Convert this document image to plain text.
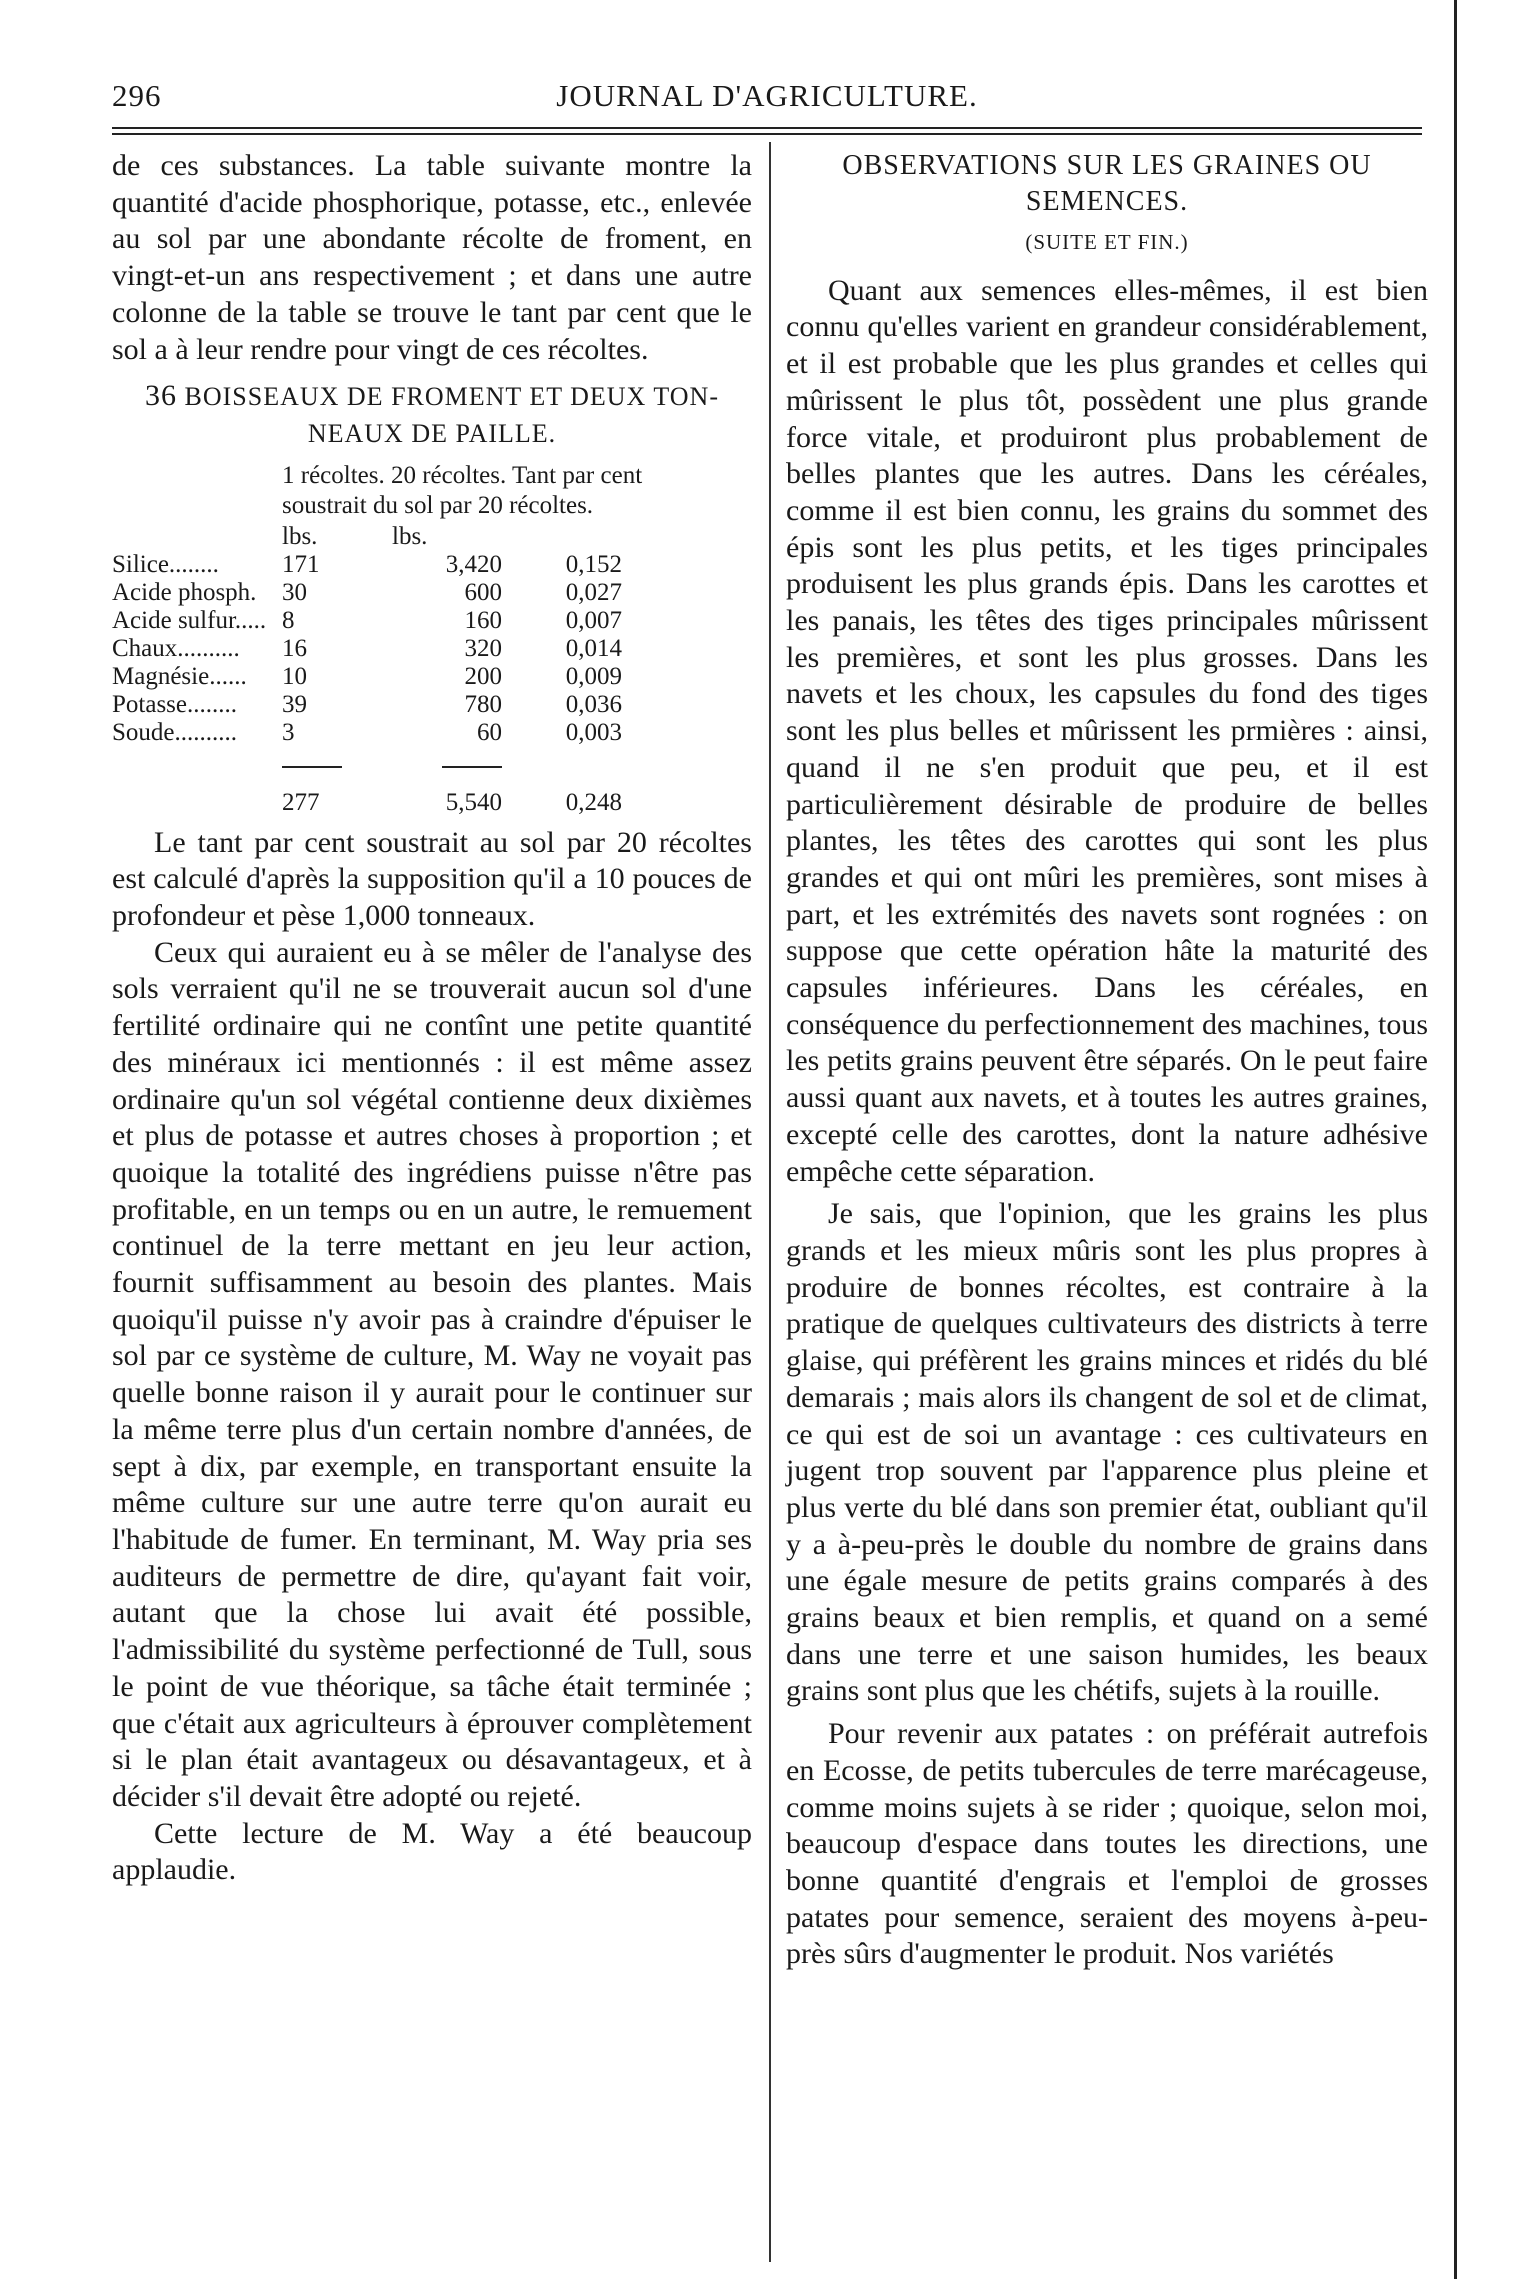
296	JOURNAL D'AGRICULTURE.

de ces substances. La table suivante montre la quantité d'acide phosphorique, potasse, etc., enlevée au sol par une abondante récolte de froment, en vingt-et-un ans respectivement ; et dans une autre colonne de la table se trouve le tant par cent que le sol a à leur rendre pour vingt de ces récoltes.

36 BOISSEAUX DE FROMENT ET DEUX TON-
NEAUX DE PAILLE.
1 récoltes. 20 récoltes. Tant par cent
soustrait du sol par 20 récoltes.
	lbs.	lbs.	
Silice........	171	3,420	0,152
Acide phosph.	30	600	0,027
Acide sulfur.....	8	160	0,007
Chaux..........	16	320	0,014
Magnésie......	10	200	0,009
Potasse........	39	780	0,036
Soude..........	3	60	0,003

	277	5,540	0,248

Le tant par cent soustrait au sol par 20 récoltes est calculé d'après la supposition qu'il a 10 pouces de profondeur et pèse 1,000 tonneaux.

Ceux qui auraient eu à se mêler de l'analyse des sols verraient qu'il ne se trouverait aucun sol d'une fertilité ordinaire qui ne contînt une petite quantité des minéraux ici mentionnés : il est même assez ordinaire qu'un sol végétal contienne deux dixièmes et plus de potasse et autres choses à proportion ; et quoique la totalité des ingrédiens puisse n'être pas profitable, en un temps ou en un autre, le remuement continuel de la terre mettant en jeu leur action, fournit suffisamment au besoin des plantes. Mais quoiqu'il puisse n'y avoir pas à craindre d'épuiser le sol par ce système de culture, M. Way ne voyait pas quelle bonne raison il y aurait pour le continuer sur la même terre plus d'un certain nombre d'années, de sept à dix, par exemple, en transportant ensuite la même culture sur une autre terre qu'on aurait eu l'habitude de fumer. En terminant, M. Way pria ses auditeurs de permettre de dire, qu'ayant fait voir, autant que la chose lui avait été possible, l'admissibilité du système perfectionné de Tull, sous le point de vue théorique, sa tâche était terminée ; que c'était aux agriculteurs à éprouver complètement si le plan était avantageux ou désavantageux, et à décider s'il devait être adopté ou rejeté.

Cette lecture de M. Way a été beaucoup applaudie.

OBSERVATIONS SUR LES GRAINES OU SEMENCES.
(SUITE ET FIN.)

Quant aux semences elles-mêmes, il est bien connu qu'elles varient en grandeur considérablement, et il est probable que les plus grandes et celles qui mûrissent le plus tôt, possèdent une plus grande force vitale, et produiront plus probablement de belles plantes que les autres. Dans les céréales, comme il est bien connu, les grains du sommet des épis sont les plus petits, et les tiges principales produisent les plus grands épis. Dans les carottes et les panais, les têtes des tiges principales mûrissent les premières, et sont les plus grosses. Dans les navets et les choux, les capsules du fond des tiges sont les plus belles et mûrissent les prmières : ainsi, quand il ne s'en produit que peu, et il est particulièrement désirable de produire de belles plantes, les têtes des carottes qui sont les plus grandes et qui ont mûri les premières, sont mises à part, et les extrémités des navets sont rognées : on suppose que cette opération hâte la maturité des capsules inférieures. Dans les céréales, en conséquence du perfectionnement des machines, tous les petits grains peuvent être séparés. On le peut faire aussi quant aux navets, et à toutes les autres graines, excepté celle des carottes, dont la nature adhésive empêche cette séparation.

Je sais, que l'opinion, que les grains les plus grands et les mieux mûris sont les plus propres à produire de bonnes récoltes, est contraire à la pratique de quelques cultivateurs des districts à terre glaise, qui préfèrent les grains minces et ridés du blé demarais ; mais alors ils changent de sol et de climat, ce qui est de soi un avantage : ces cultivateurs en jugent trop souvent par l'apparence plus pleine et plus verte du blé dans son premier état, oubliant qu'il y a à-peu-près le double du nombre de grains dans une égale mesure de petits grains comparés à des grains beaux et bien remplis, et quand on a semé dans une terre et une saison humides, les beaux grains sont plus que les chétifs, sujets à la rouille.

Pour revenir aux patates : on préférait autrefois en Ecosse, de petits tubercules de terre marécageuse, comme moins sujets à se rider ; quoique, selon moi, beaucoup d'espace dans toutes les directions, une bonne quantité d'engrais et l'emploi de grosses patates pour semence, seraient des moyens à-peu-près sûrs d'augmenter le produit. Nos variétés
